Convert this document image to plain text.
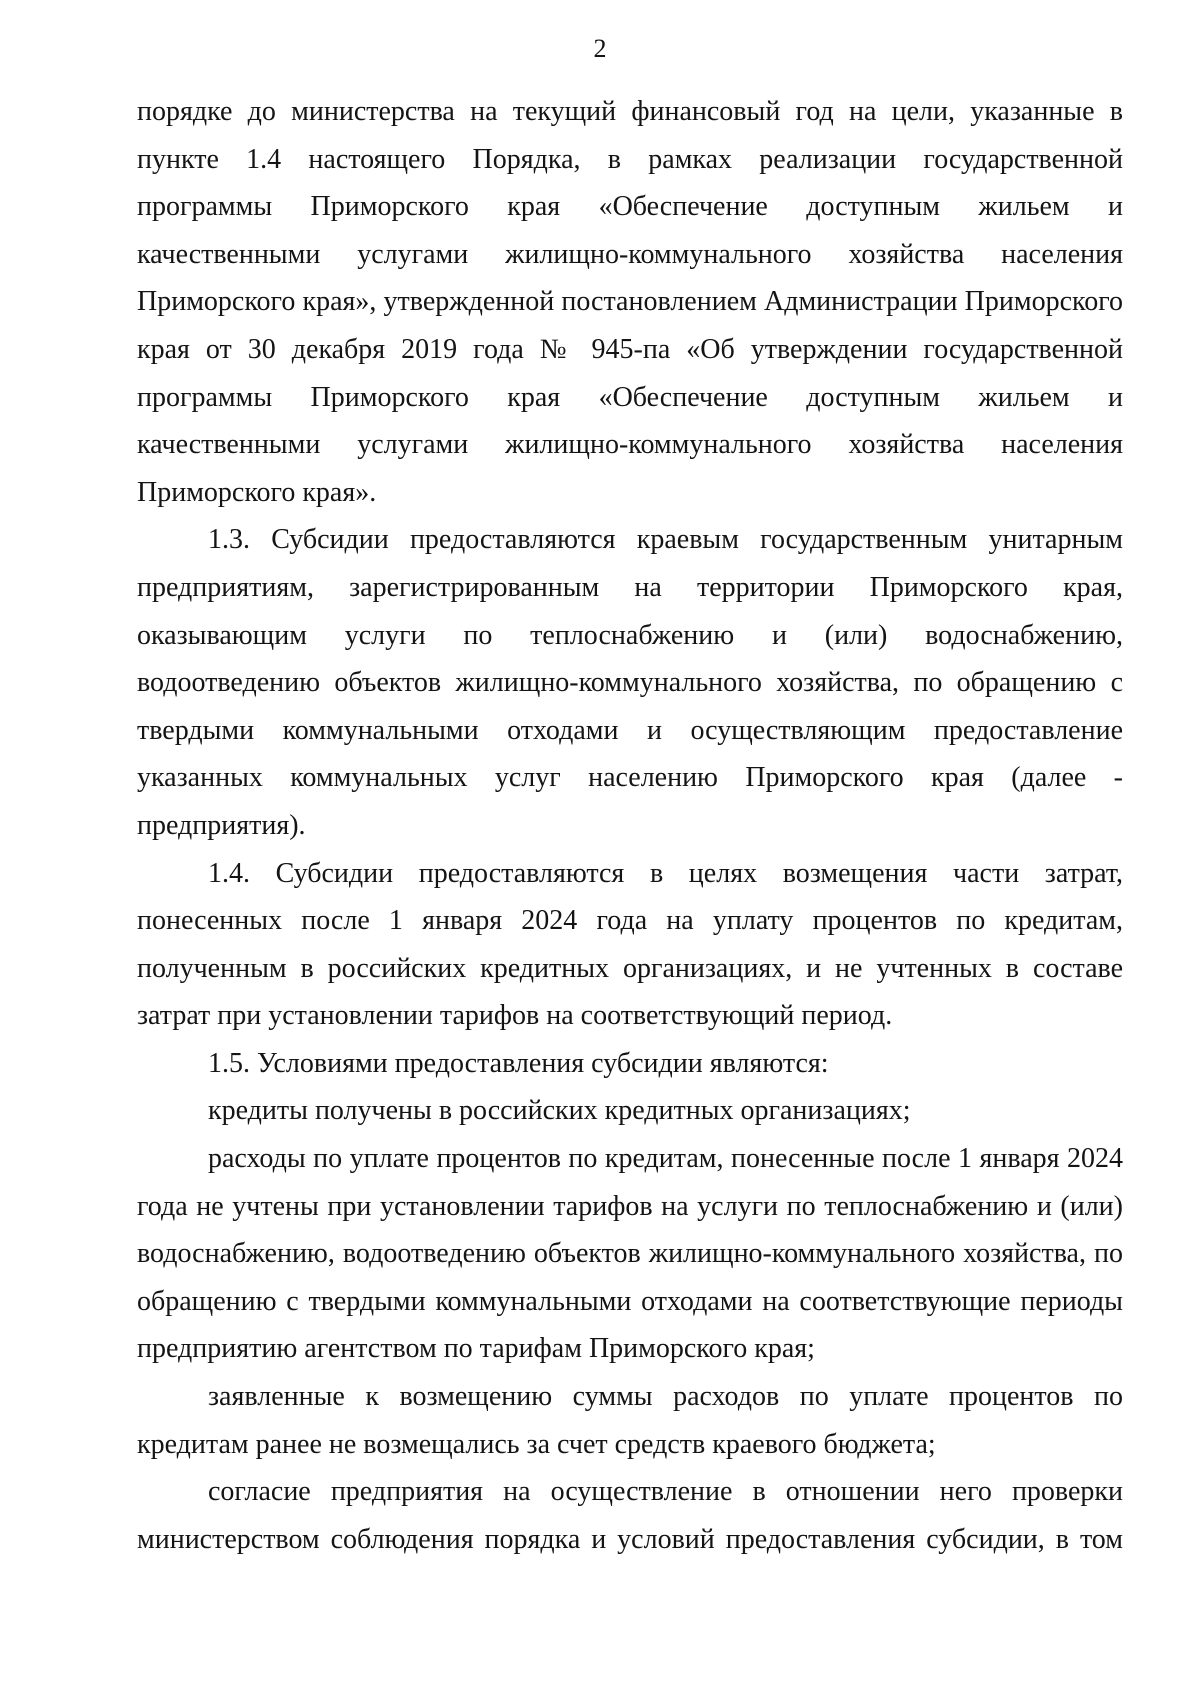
2

порядке до министерства на текущий финансовый год на цели, указанные в пункте 1.4 настоящего Порядка, в рамках реализации государственной программы Приморского края «Обеспечение доступным жильем и качественными услугами жилищно-коммунального хозяйства населения Приморского края», утвержденной постановлением Администрации Приморского края от 30 декабря 2019 года № 945-па «Об утверждении государственной программы Приморского края «Обеспечение доступным жильем и качественными услугами жилищно-коммунального хозяйства населения Приморского края».

1.3. Субсидии предоставляются краевым государственным унитарным предприятиям, зарегистрированным на территории Приморского края, оказывающим услуги по теплоснабжению и (или) водоснабжению, водоотведению объектов жилищно-коммунального хозяйства, по обращению с твердыми коммунальными отходами и осуществляющим предоставление указанных коммунальных услуг населению Приморского края (далее - предприятия).

1.4. Субсидии предоставляются в целях возмещения части затрат, понесенных после 1 января 2024 года на уплату процентов по кредитам, полученным в российских кредитных организациях, и не учтенных в составе затрат при установлении тарифов на соответствующий период.

1.5. Условиями предоставления субсидии являются:

кредиты получены в российских кредитных организациях;

расходы по уплате процентов по кредитам, понесенные после 1 января 2024 года не учтены при установлении тарифов на услуги по теплоснабжению и (или) водоснабжению, водоотведению объектов жилищно-коммунального хозяйства, по обращению с твердыми коммунальными отходами на соответствующие периоды предприятию агентством по тарифам Приморского края;

заявленные к возмещению суммы расходов по уплате процентов по кредитам ранее не возмещались за счет средств краевого бюджета;

согласие предприятия на осуществление в отношении него проверки министерством соблюдения порядка и условий предоставления субсидии, в том
